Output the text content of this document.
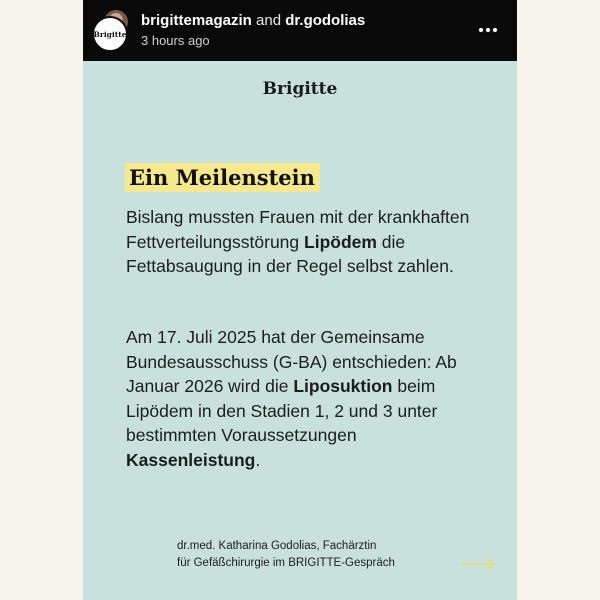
Brigitte
brigittemagazin and dr.godolias
3 hours ago
Brigitte
Ein Meilenstein
Bislang mussten Frauen mit der krankhaften Fettverteilungsstörung Lipödem die Fettabsaugung in der Regel selbst zahlen.
Am 17. Juli 2025 hat der Gemeinsame Bundesausschuss (G-BA) entschieden: Ab Januar 2026 wird die Liposuktion beim Lipödem in den Stadien 1, 2 und 3 unter bestimmten Voraussetzungen Kassenleistung.
dr.med. Katharina Godolias, Fachärztin
für Gefäßchirurgie im BRIGITTE-Gespräch
